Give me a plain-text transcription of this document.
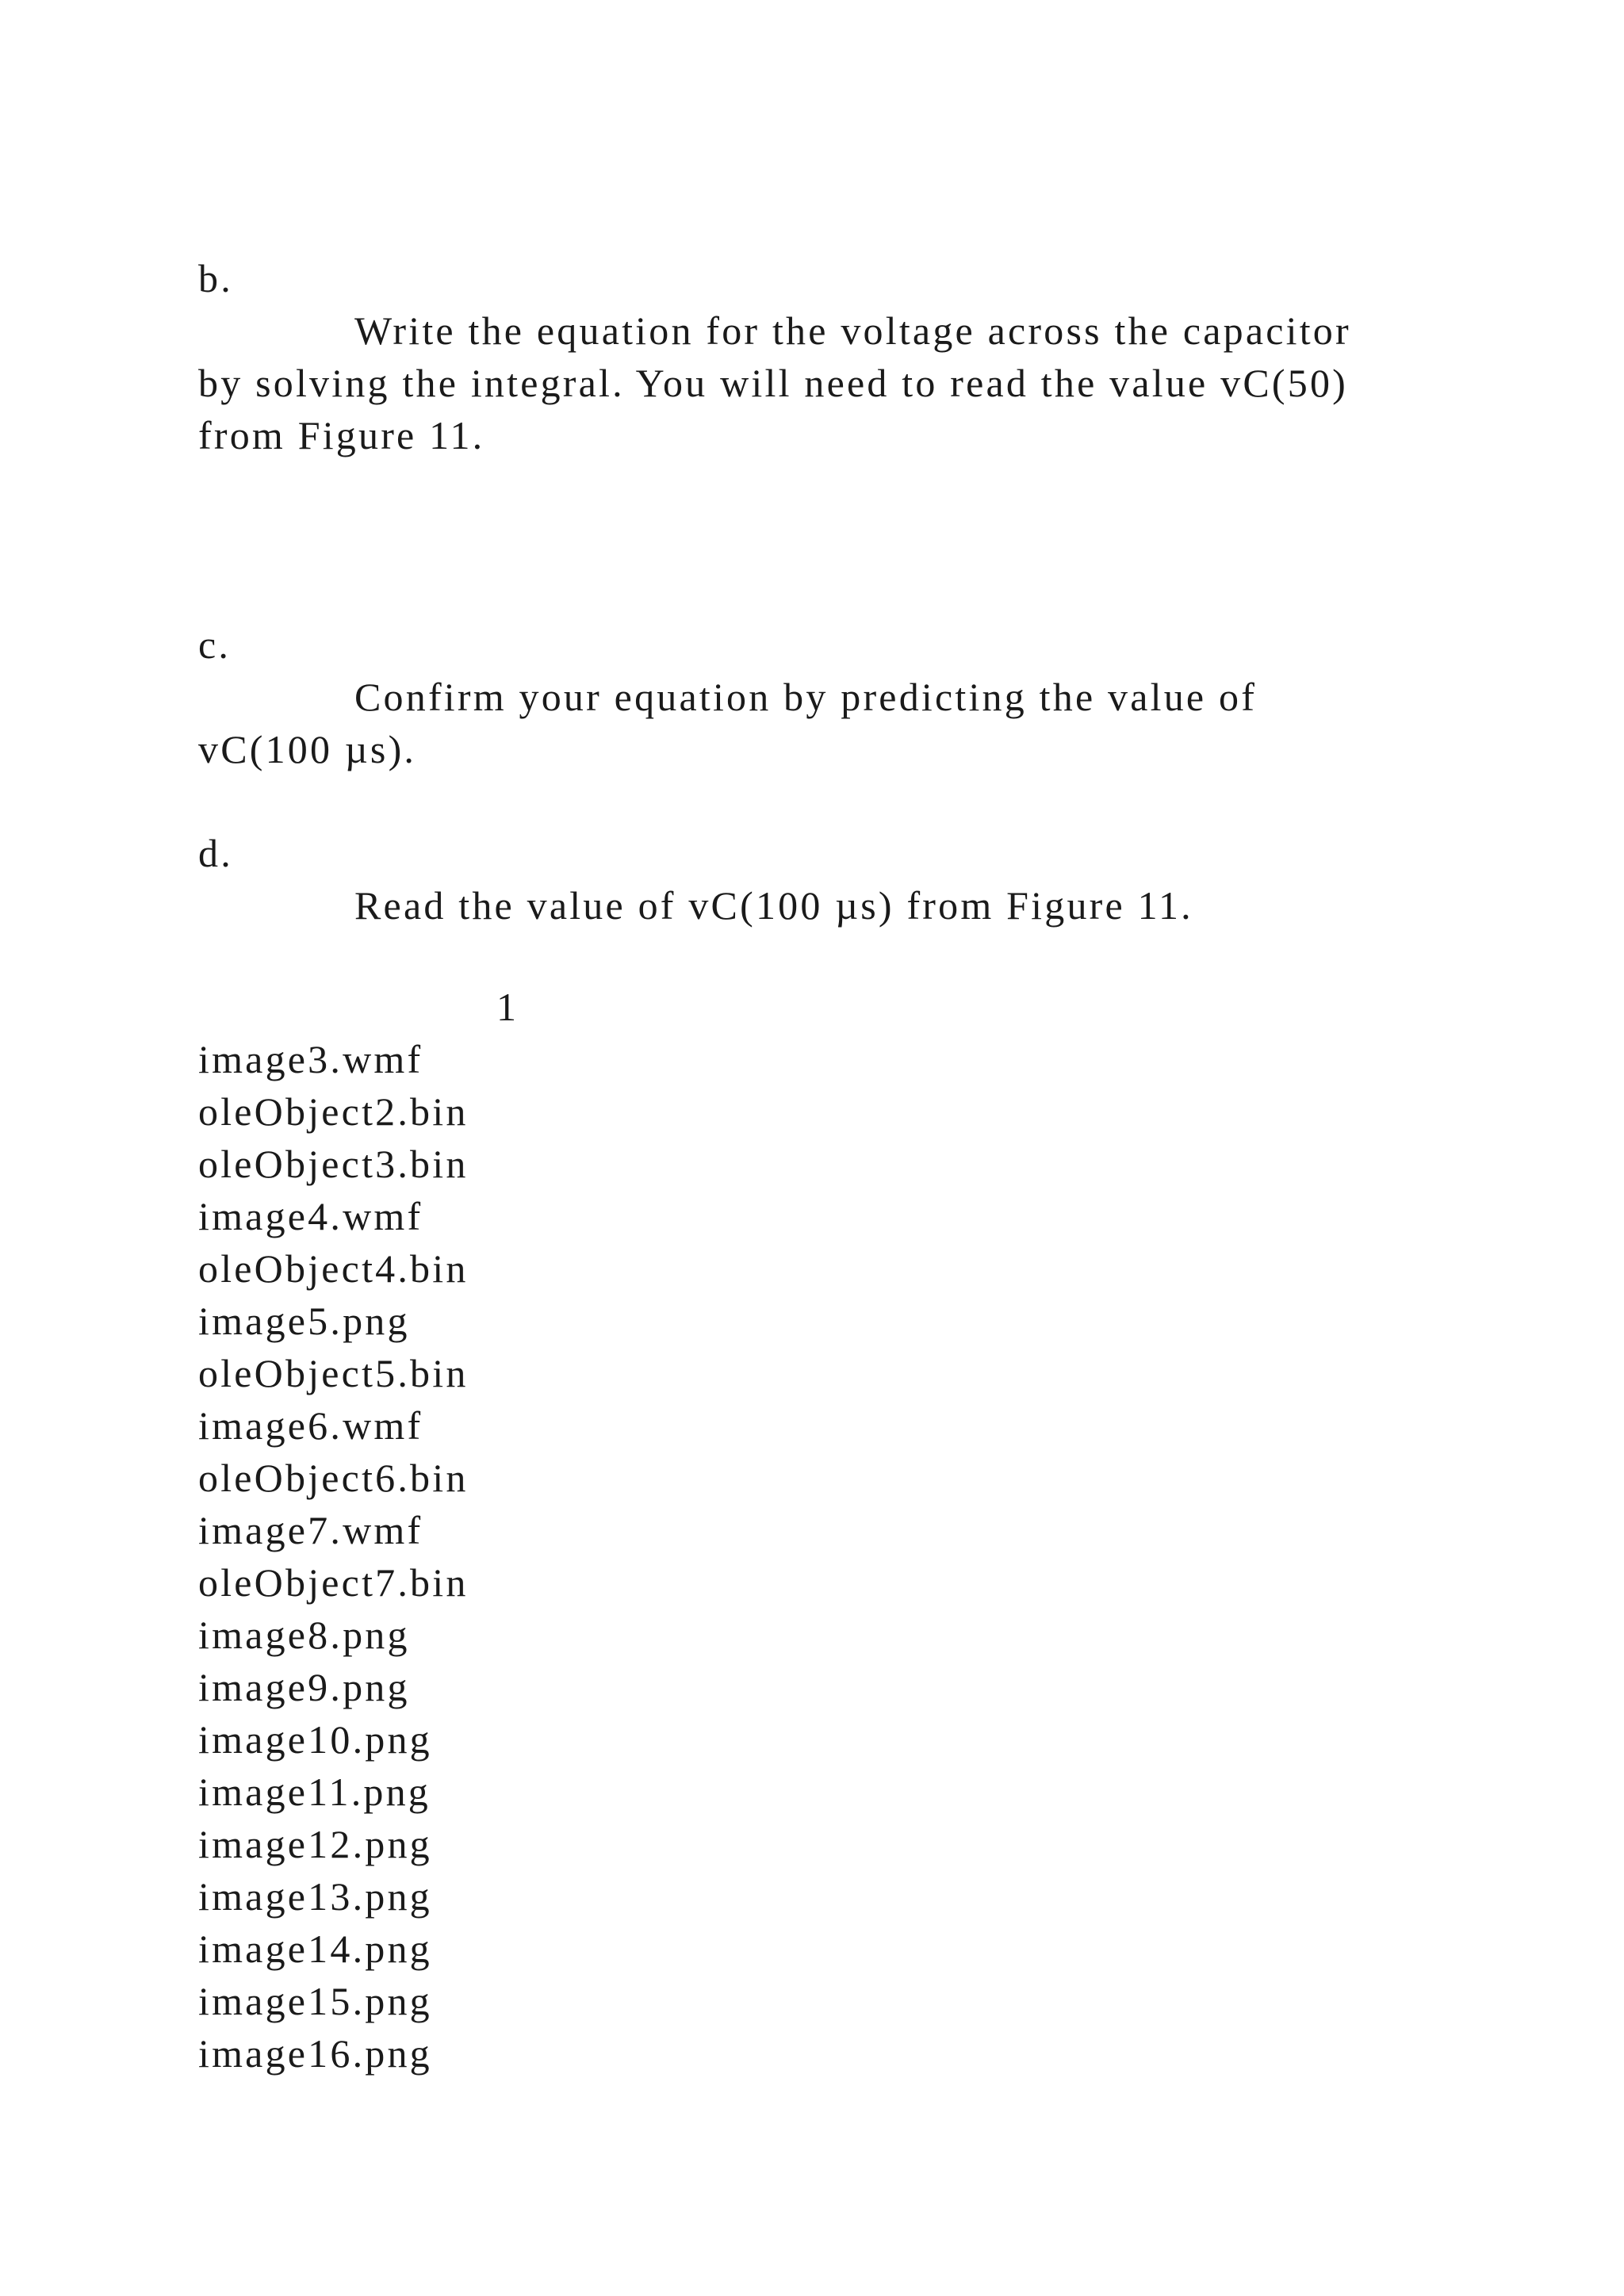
b.

Write the equation for the voltage across the capacitor

by solving the integral. You will need to read the value vC(50)

from Figure 11.

c.

Confirm your equation by predicting the value of

vC(100 µs).

d.

Read the value of vC(100 µs) from Figure 11.

1

image3.wmf
oleObject2.bin
oleObject3.bin
image4.wmf
oleObject4.bin
image5.png
oleObject5.bin
image6.wmf
oleObject6.bin
image7.wmf
oleObject7.bin
image8.png
image9.png
image10.png
image11.png
image12.png
image13.png
image14.png
image15.png
image16.png
